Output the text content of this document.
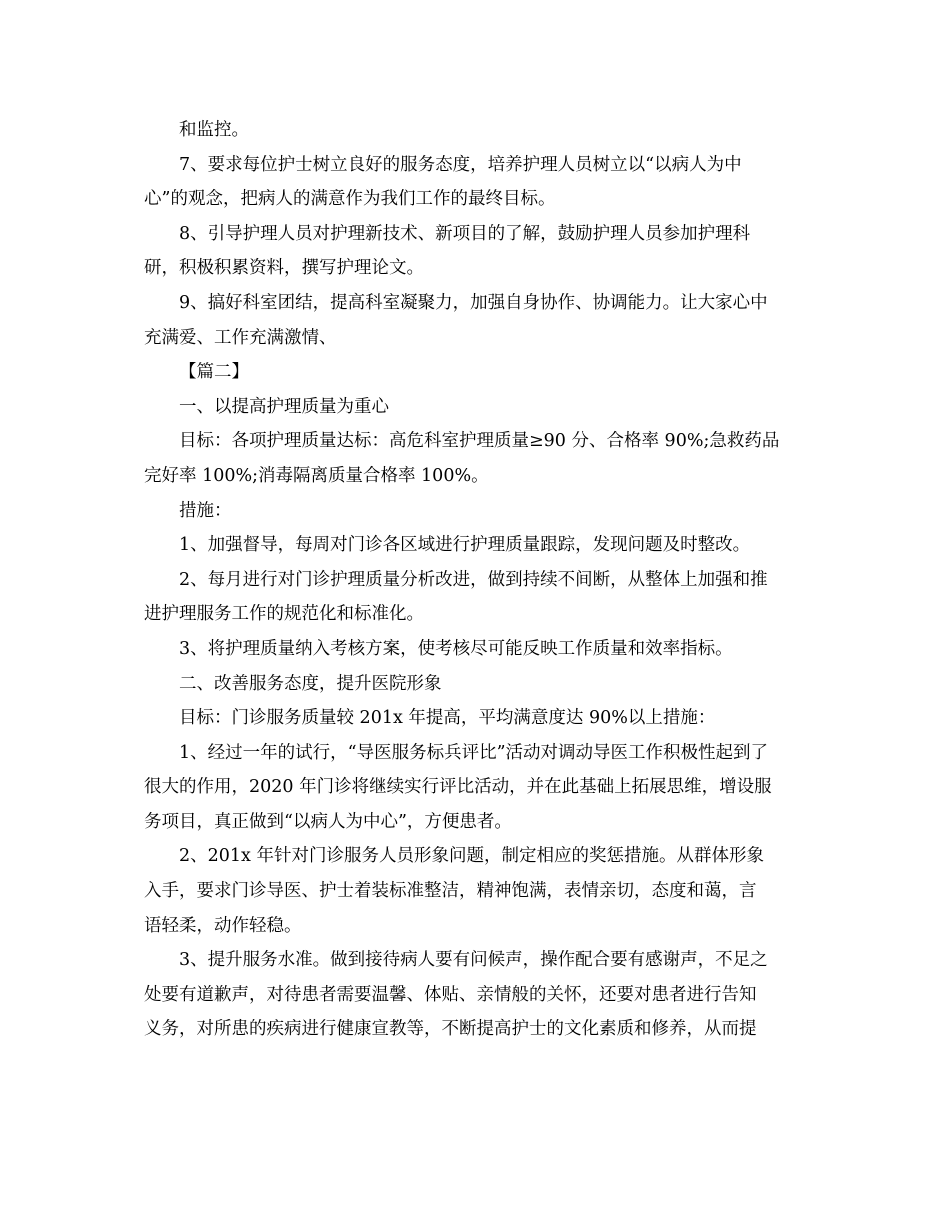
和监控。

7、要求每位护士树立良好的服务态度，培养护理人员树立以“以病人为中

心”的观念，把病人的满意作为我们工作的最终目标。

8、引导护理人员对护理新技术、新项目的了解，鼓励护理人员参加护理科

研，积极积累资料，撰写护理论文。

9、搞好科室团结，提高科室凝聚力，加强自身协作、协调能力。让大家心中

充满爱、工作充满激情、

【篇二】

一、以提高护理质量为重心

目标：各项护理质量达标：高危科室护理质量≥90 分、合格率 90%;急救药品

完好率 100%;消毒隔离质量合格率 100%。

措施：

1、加强督导，每周对门诊各区域进行护理质量跟踪，发现问题及时整改。

2、每月进行对门诊护理质量分析改进，做到持续不间断，从整体上加强和推

进护理服务工作的规范化和标准化。

3、将护理质量纳入考核方案，使考核尽可能反映工作质量和效率指标。

二、改善服务态度，提升医院形象

目标：门诊服务质量较 201x 年提高，平均满意度达 90%以上措施：

1、经过一年的试行，“导医服务标兵评比”活动对调动导医工作积极性起到了

很大的作用，2020 年门诊将继续实行评比活动，并在此基础上拓展思维，增设服

务项目，真正做到“以病人为中心”，方便患者。

2、201x 年针对门诊服务人员形象问题，制定相应的奖惩措施。从群体形象

入手，要求门诊导医、护士着装标准整洁，精神饱满，表情亲切，态度和蔼，言

语轻柔，动作轻稳。

3、提升服务水准。做到接待病人要有问候声，操作配合要有感谢声，不足之

处要有道歉声，对待患者需要温馨、体贴、亲情般的关怀，还要对患者进行告知

义务，对所患的疾病进行健康宣教等，不断提高护士的文化素质和修养，从而提
